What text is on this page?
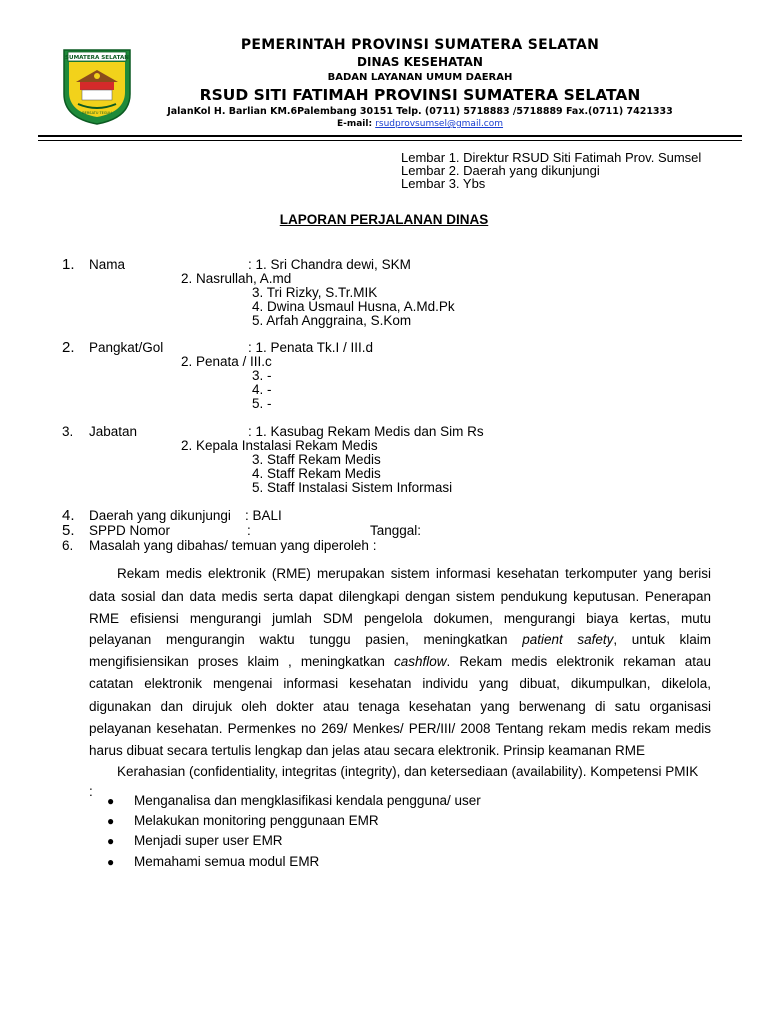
SUMATERA SELATAN
BERSATU TEGUH
PEMERINTAH PROVINSI SUMATERA SELATAN
DINAS KESEHATAN
BADAN LAYANAN UMUM DAERAH
RSUD SITI FATIMAH PROVINSI SUMATERA SELATAN
JalanKol H. Barlian KM.6Palembang 30151 Telp. (0711) 5718883 /5718889 Fax.(0711) 7421333
E-mail: rsudprovsumsel@gmail.com
Lembar 1. Direktur RSUD Siti Fatimah Prov. Sumsel
Lembar 2. Daerah yang dikunjungi
Lembar 3. Ybs
LAPORAN PERJALANAN DINAS
1. Nama	: 1. Sri Chandra dewi, SKM
2. Nasrullah, A.md
3. Tri Rizky, S.Tr.MIK
4. Dwina Usmaul Husna, A.Md.Pk
5. Arfah Anggraina, S.Kom
2. Pangkat/Gol	: 1. Penata Tk.I / III.d
2. Penata / III.c
3. -
4. -
5. -
3. Jabatan	: 1. Kasubag Rekam Medis dan Sim Rs
2. Kepala Instalasi Rekam Medis
3. Staff Rekam Medis
4. Staff Rekam Medis
5. Staff Instalasi Sistem Informasi
4. Daerah yang dikunjungi : BALI
5. SPPD Nomor	:	Tanggal:
6. Masalah yang dibahas/ temuan yang diperoleh :
Rekam medis elektronik (RME) merupakan sistem informasi kesehatan terkomputer yang berisi
data sosial dan data medis serta dapat dilengkapi dengan sistem pendukung keputusan. Penerapan
RME efisiensi mengurangi jumlah SDM pengelola dokumen, mengurangi biaya kertas, mutu
pelayanan mengurangin waktu tunggu pasien, meningkatkan patient safety, untuk klaim
mengifisiensikan proses klaim , meningkatkan cashflow. Rekam medis elektronik rekaman atau
catatan elektronik mengenai informasi kesehatan individu yang dibuat, dikumpulkan, dikelola,
digunakan dan dirujuk oleh dokter atau tenaga kesehatan yang berwenang di satu organisasi
pelayanan kesehatan. Permenkes no 269/ Menkes/ PER/III/ 2008 Tentang rekam medis rekam medis
harus dibuat secara tertulis lengkap dan jelas atau secara elektronik. Prinsip keamanan RME
Kerahasian (confidentiality, integritas (integrity), dan ketersediaan (availability). Kompetensi PMIK
:
● Menganalisa dan mengklasifikasi kendala pengguna/ user
● Melakukan monitoring penggunaan EMR
● Menjadi super user EMR
● Memahami semua modul EMR
